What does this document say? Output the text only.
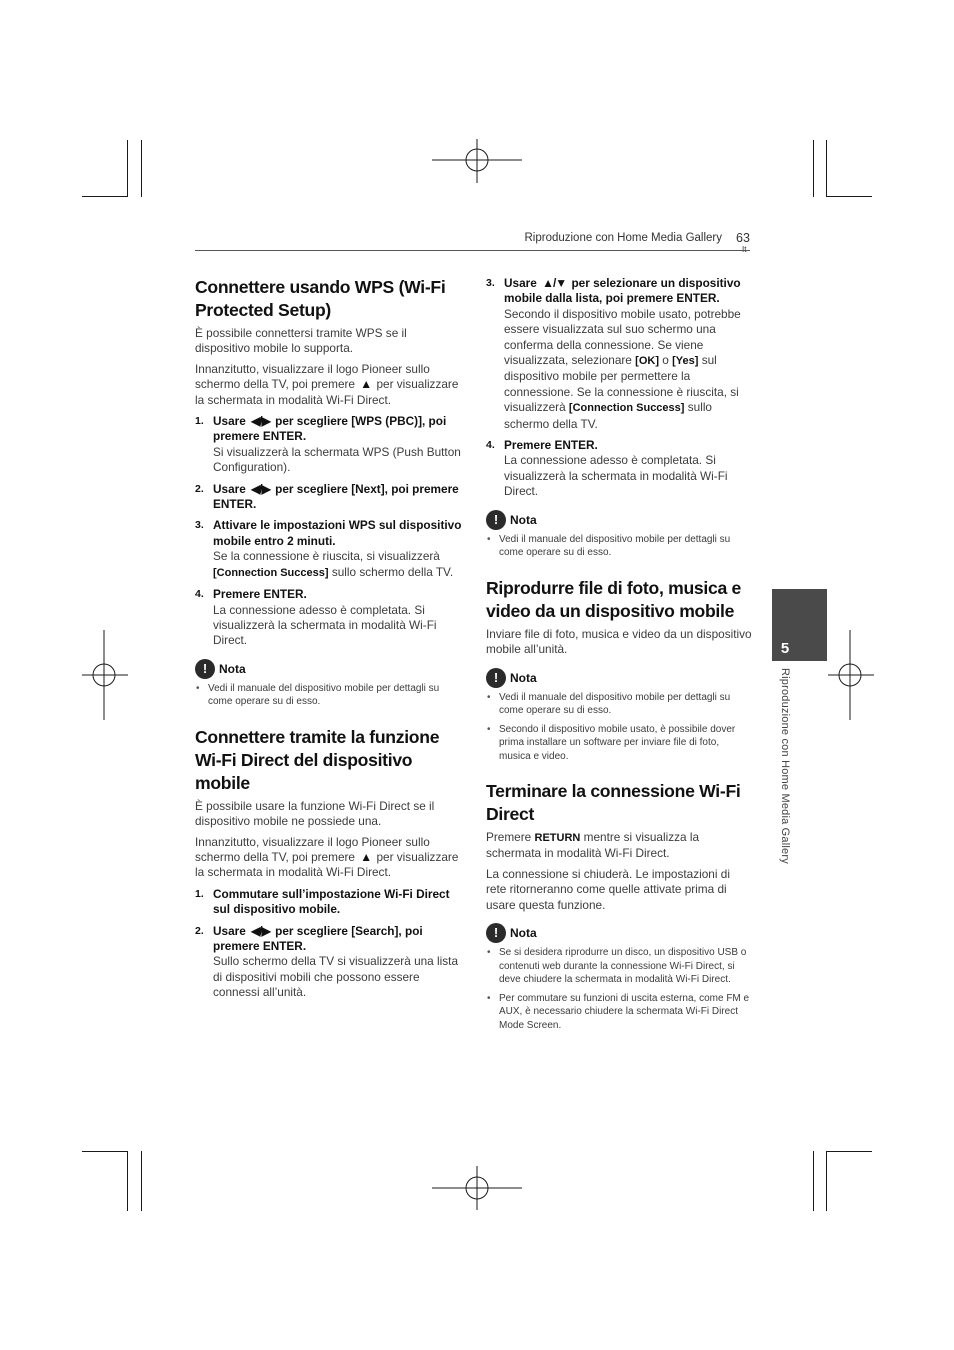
Riproduzione con Home Media Gallery 63
5
Riproduzione con Home Media Gallery
Connettere usando WPS (Wi-Fi Protected Setup)

È possibile connettersi tramite WPS se il dispositivo mobile lo supporta.

Innanzitutto, visualizzare il logo Pioneer sullo schermo della TV, poi premere ▲ per visualizzare la schermata in modalità Wi-Fi Direct.

1. Usare ◀/▶ per scegliere [WPS (PBC)], poi premere ENTER.
Si visualizzerà la schermata WPS (Push Button Configuration).
2. Usare ◀/▶ per scegliere [Next], poi premere ENTER.
3. Attivare le impostazioni WPS sul dispositivo mobile entro 2 minuti.
Se la connessione è riuscita, si visualizzerà [Connection Success] sullo schermo della TV.
4. Premere ENTER.
La connessione adesso è completata. Si visualizzerà la schermata in modalità Wi-Fi Direct.
! Nota
• Vedi il manuale del dispositivo mobile per dettagli su come operare su di esso.
Connettere tramite la funzione Wi-Fi Direct del dispositivo mobile

È possibile usare la funzione Wi-Fi Direct se il dispositivo mobile ne possiede una.

Innanzitutto, visualizzare il logo Pioneer sullo schermo della TV, poi premere ▲ per visualizzare la schermata in modalità Wi-Fi Direct.

1. Commutare sull’impostazione Wi-Fi Direct sul dispositivo mobile.
2. Usare ◀/▶ per scegliere [Search], poi premere ENTER.
Sullo schermo della TV si visualizzerà una lista di dispositivi mobili che possono essere connessi all’unità.
3. Usare ▲/▼ per selezionare un dispositivo mobile dalla lista, poi premere ENTER.
Secondo il dispositivo mobile usato, potrebbe essere visualizzata sul suo schermo una conferma della connessione. Se viene visualizzata, selezionare [OK] o [Yes] sul dispositivo mobile per permettere la connessione. Se la connessione è riuscita, si visualizzerà [Connection Success] sullo schermo della TV.
4. Premere ENTER.
La connessione adesso è completata. Si visualizzerà la schermata in modalità Wi-Fi Direct.
! Nota
• Vedi il manuale del dispositivo mobile per dettagli su come operare su di esso.
Riprodurre file di foto, musica e video da un dispositivo mobile

Inviare file di foto, musica e video da un dispositivo mobile all’unità.

! Nota
• Vedi il manuale del dispositivo mobile per dettagli su come operare su di esso.
• Secondo il dispositivo mobile usato, è possibile dover prima installare un software per inviare file di foto, musica e video.
Terminare la connessione Wi-Fi Direct

Premere RETURN mentre si visualizza la schermata in modalità Wi-Fi Direct.

La connessione si chiuderà. Le impostazioni di rete ritorneranno come quelle attivate prima di usare questa funzione.

! Nota
• Se si desidera riprodurre un disco, un dispositivo USB o contenuti web durante la connessione Wi-Fi Direct, si deve chiudere la schermata in modalità Wi-Fi Direct.
• Per commutare su funzioni di uscita esterna, come FM e AUX, è necessario chiudere la schermata Wi-Fi Direct Mode Screen.
